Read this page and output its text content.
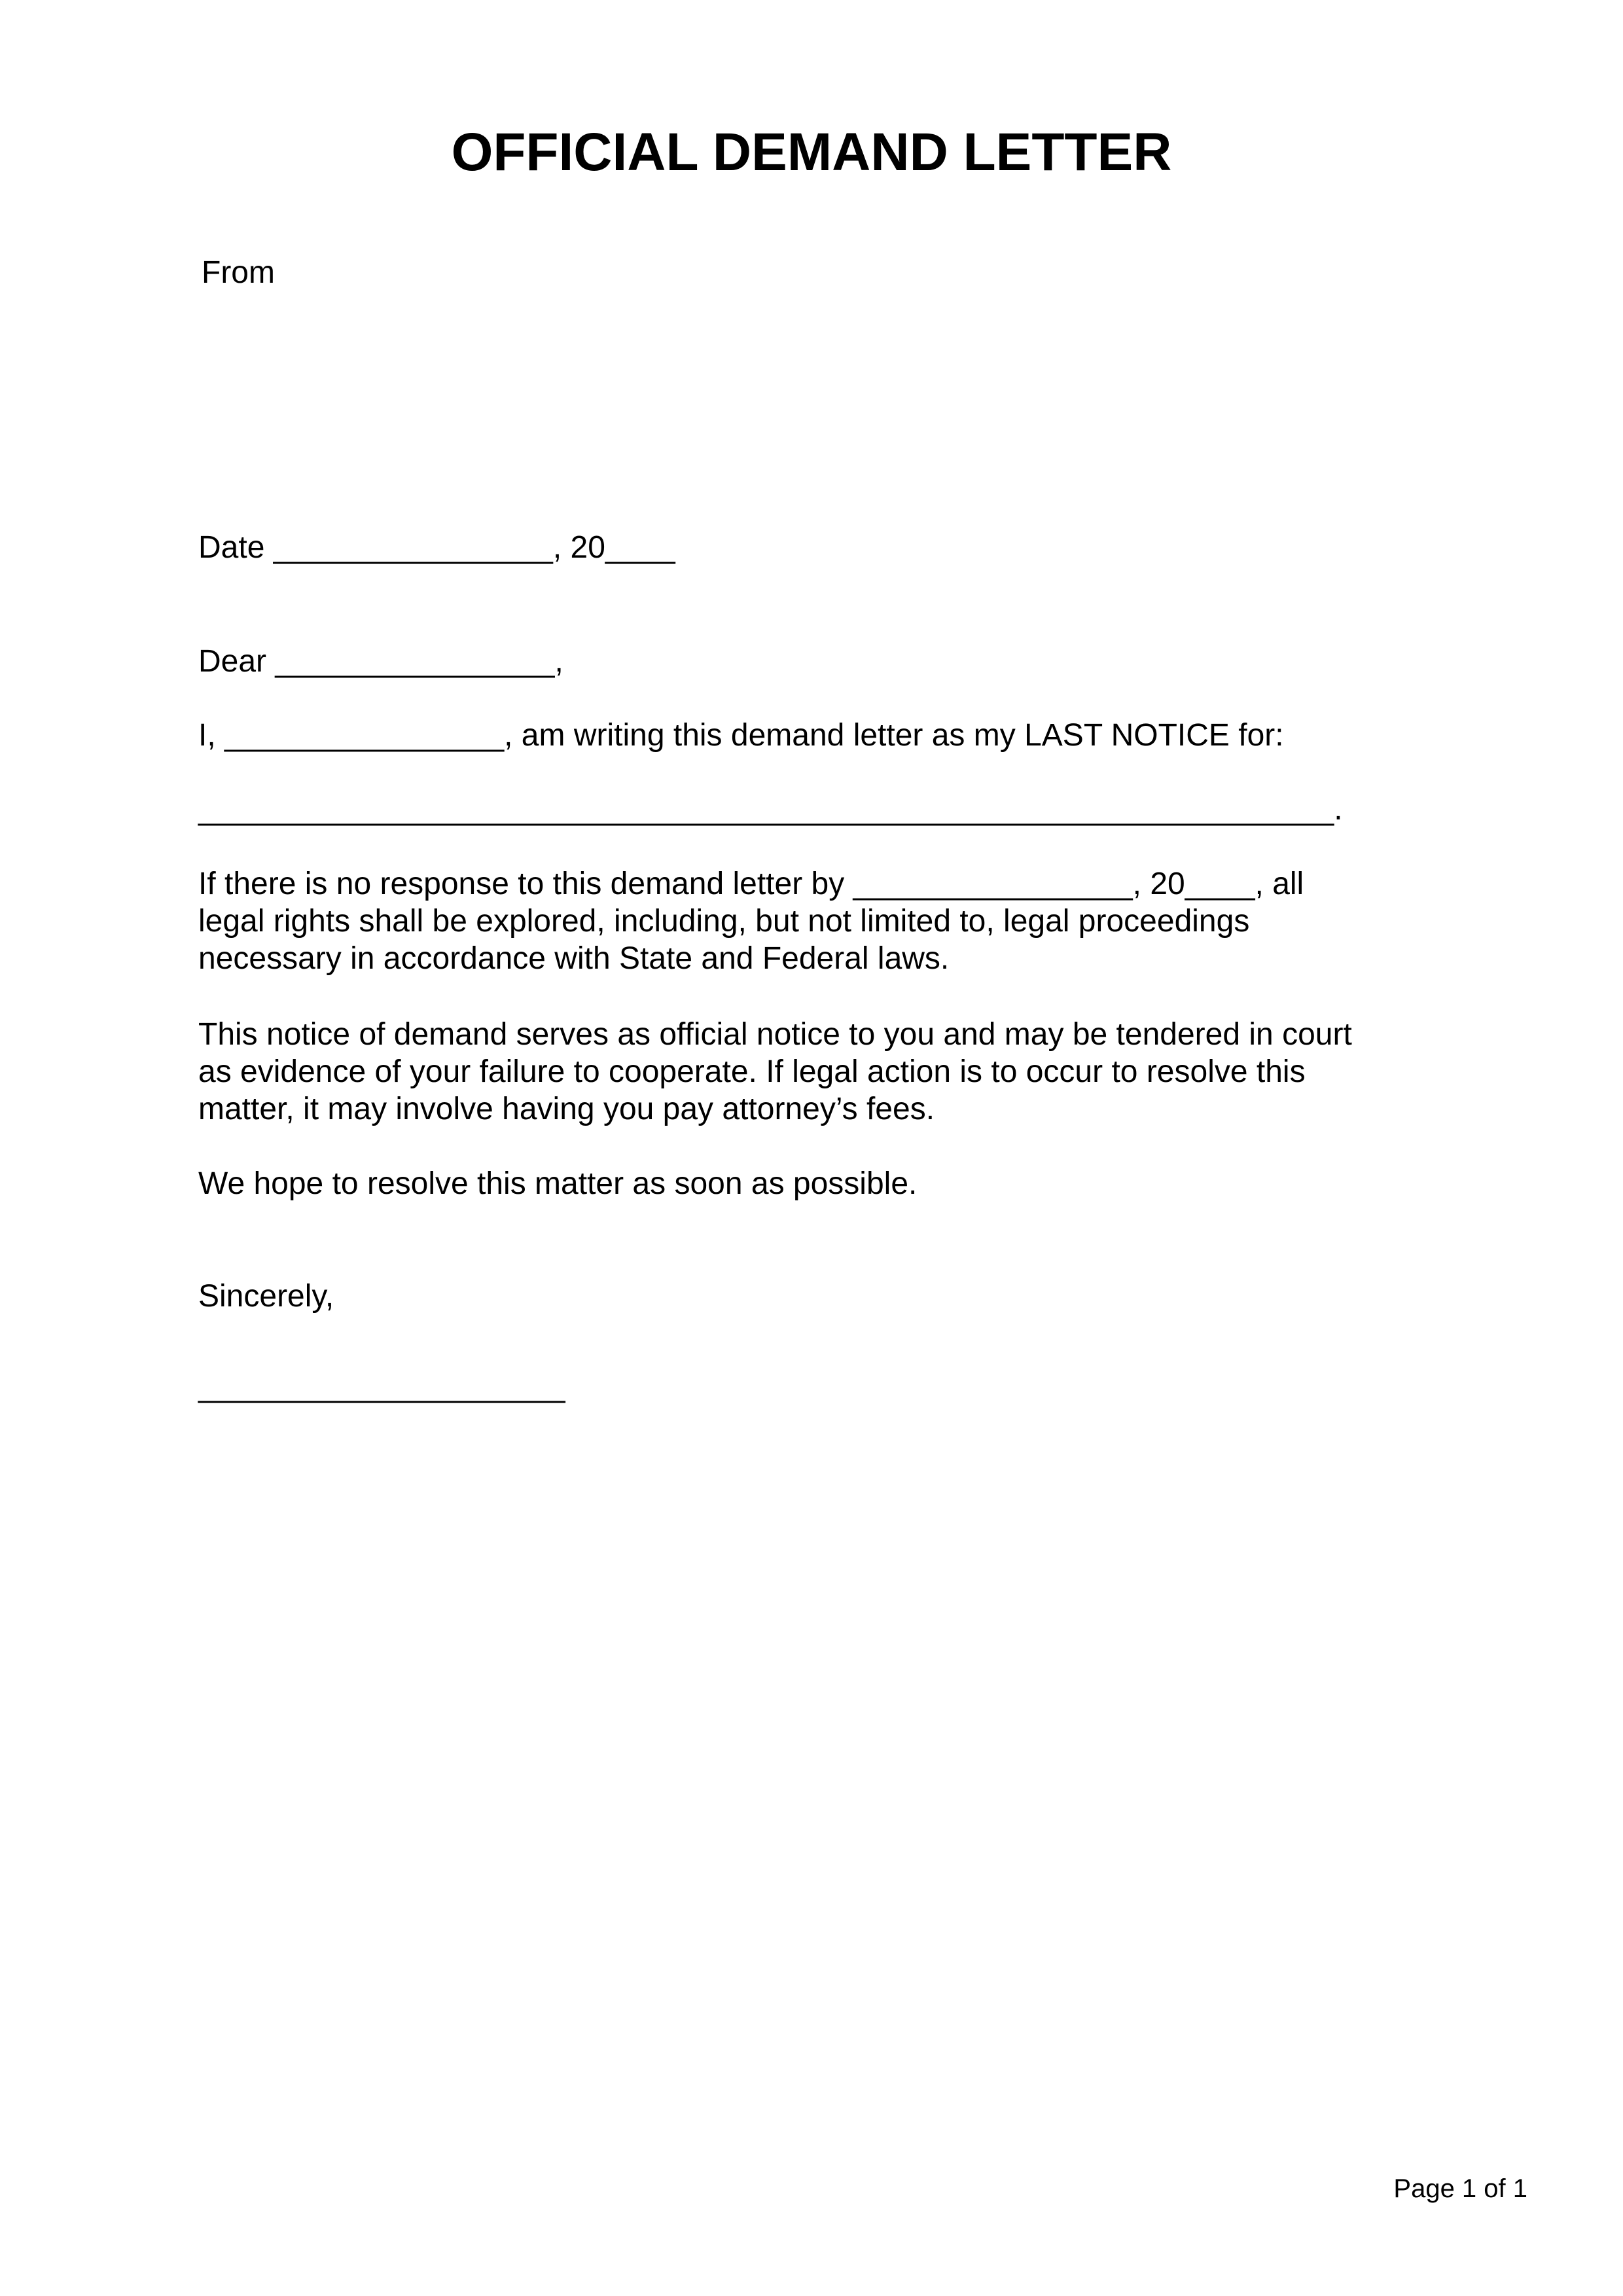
OFFICIAL DEMAND LETTER
From
Date ________________, 20____
Dear ________________,
I, ________________, am writing this demand letter as my LAST NOTICE for:
_________________________________________________________________.
If there is no response to this demand letter by ________________, 20____, all
legal rights shall be explored, including, but not limited to, legal proceedings
necessary in accordance with State and Federal laws.
This notice of demand serves as official notice to you and may be tendered in court
as evidence of your failure to cooperate. If legal action is to occur to resolve this
matter, it may involve having you pay attorney’s fees.
We hope to resolve this matter as soon as possible.
Sincerely,
_____________________
Page 1 of 1
